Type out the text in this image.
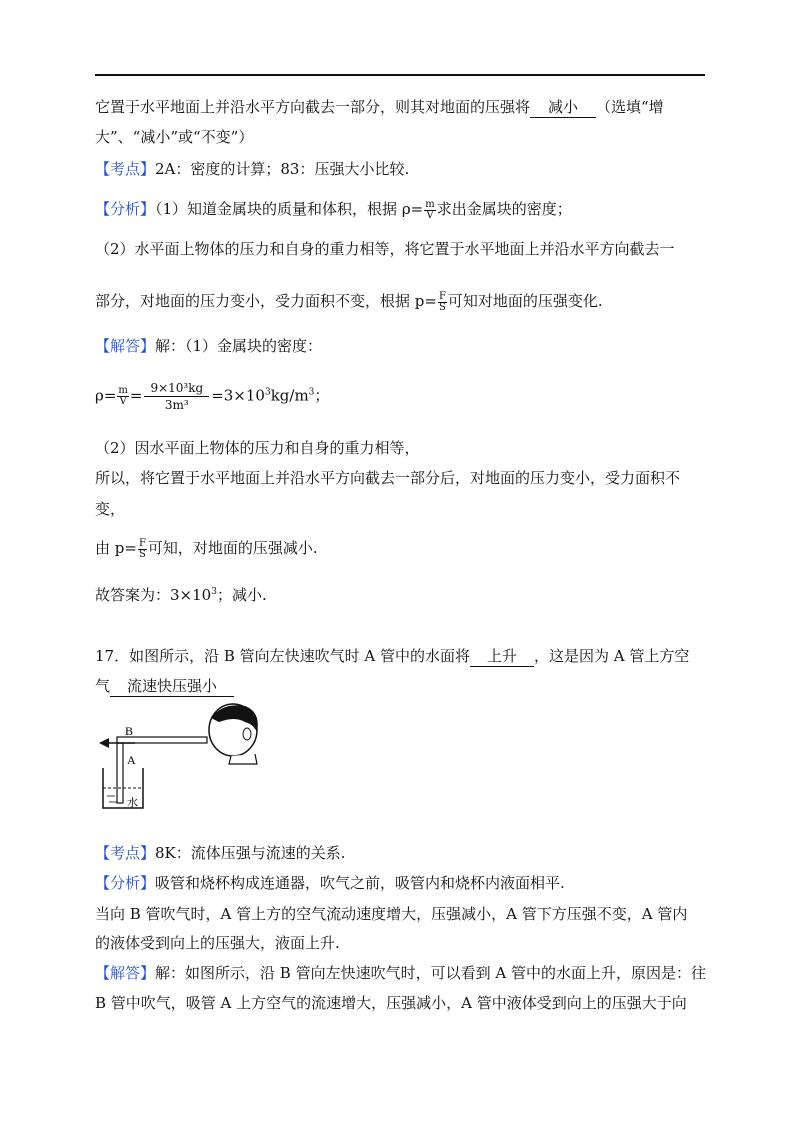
它置于水平地面上并沿水平方向截去一部分，则其对地面的压强将 减小 （选填“增
大”、“减小”或“不变”）
【考点】2A：密度的计算；83：压强大小比较.
【分析】（1）知道金属块的质量和体积，根据 $\rho= \frac{m}{V}$ 求出金属块的密度；
（2）水平面上物体的压力和自身的重力相等，将它置于水平地面上并沿水平方向截去一
部分，对地面的压力变小，受力面积不变，根据 $p= \frac{F}{S}$ 可知对地面的压强变化.
【解答】解：（1）金属块的密度：
$\rho= \frac{m}{V} = \frac{\text{9×10³kg}}{\text{3m³}} =3\times 10^3kg/m^3$；
（2）因水平面上物体的压力和自身的重力相等，
所以，将它置于水平地面上并沿水平方向截去一部分后，对地面的压力变小，受力面积不
变，
由 $p= \frac{F}{S}$ 可知，对地面的压强减小.
故答案为：$3\times 10^3$；减小.
17．如图所示，沿 B 管向左快速吹气时 A 管中的水面将 上升 ，这是因为 A 管上方空
气 流速快压强小
B
A
水
【考点】8K：流体压强与流速的关系.
【分析】吸管和烧杯构成连通器，吹气之前，吸管内和烧杯内液面相平.
当向 B 管吹气时，A 管上方的空气流动速度增大，压强减小，A 管下方压强不变，A 管内
的液体受到向上的压强大，液面上升.
【解答】解：如图所示，沿 B 管向左快速吹气时，可以看到 A 管中的水面上升，原因是：往
B 管中吹气，吸管 A 上方空气的流速增大，压强减小，A 管中液体受到向上的压强大于向
